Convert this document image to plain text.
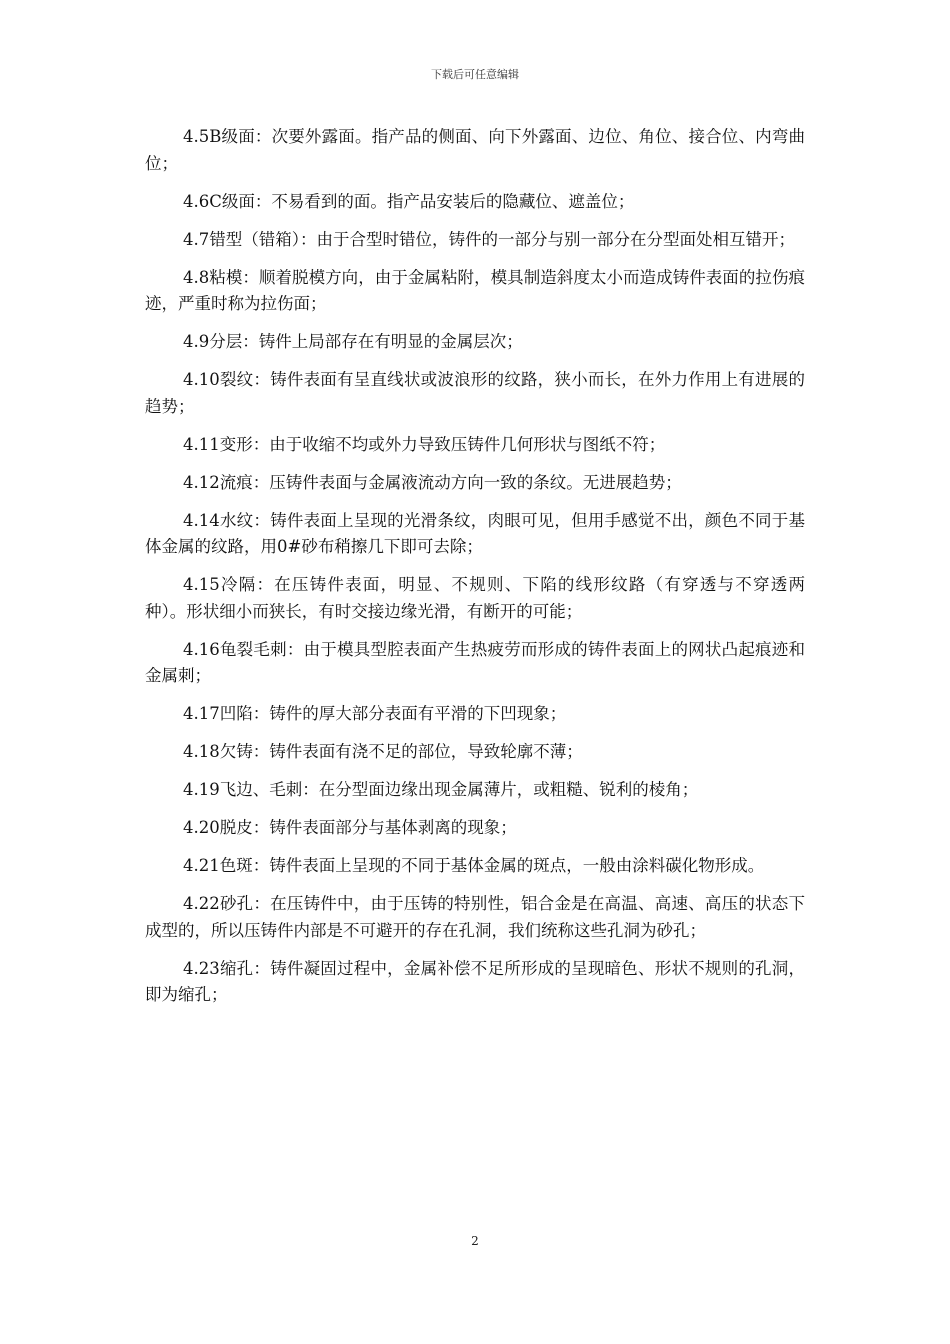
下载后可任意编辑

4.5B级面：次要外露面。指产品的侧面、向下外露面、边位、角位、接合位、内弯曲位；

4.6C级面：不易看到的面。指产品安装后的隐藏位、遮盖位；

4.7错型（错箱）：由于合型时错位，铸件的一部分与别一部分在分型面处相互错开；

4.8粘模：顺着脱模方向，由于金属粘附，模具制造斜度太小而造成铸件表面的拉伤痕迹，严重时称为拉伤面；

4.9分层：铸件上局部存在有明显的金属层次；

4.10裂纹：铸件表面有呈直线状或波浪形的纹路，狭小而长，在外力作用上有进展的趋势；

4.11变形：由于收缩不均或外力导致压铸件几何形状与图纸不符；

4.12流痕：压铸件表面与金属液流动方向一致的条纹。无进展趋势；

4.14水纹：铸件表面上呈现的光滑条纹，肉眼可见，但用手感觉不出，颜色不同于基体金属的纹路，用0#砂布稍擦几下即可去除；

4.15冷隔：在压铸件表面，明显、不规则、下陷的线形纹路（有穿透与不穿透两种）。形状细小而狭长，有时交接边缘光滑，有断开的可能；

4.16龟裂毛刺：由于模具型腔表面产生热疲劳而形成的铸件表面上的网状凸起痕迹和金属刺；

4.17凹陷：铸件的厚大部分表面有平滑的下凹现象；

4.18欠铸：铸件表面有浇不足的部位，导致轮廓不薄；

4.19飞边、毛刺：在分型面边缘出现金属薄片，或粗糙、锐利的棱角；

4.20脱皮：铸件表面部分与基体剥离的现象；

4.21色斑：铸件表面上呈现的不同于基体金属的斑点，一般由涂料碳化物形成。

4.22砂孔：在压铸件中，由于压铸的特别性，铝合金是在高温、高速、高压的状态下成型的，所以压铸件内部是不可避开的存在孔洞，我们统称这些孔洞为砂孔；

4.23缩孔：铸件凝固过程中，金属补偿不足所形成的呈现暗色、形状不规则的孔洞，即为缩孔；

2
